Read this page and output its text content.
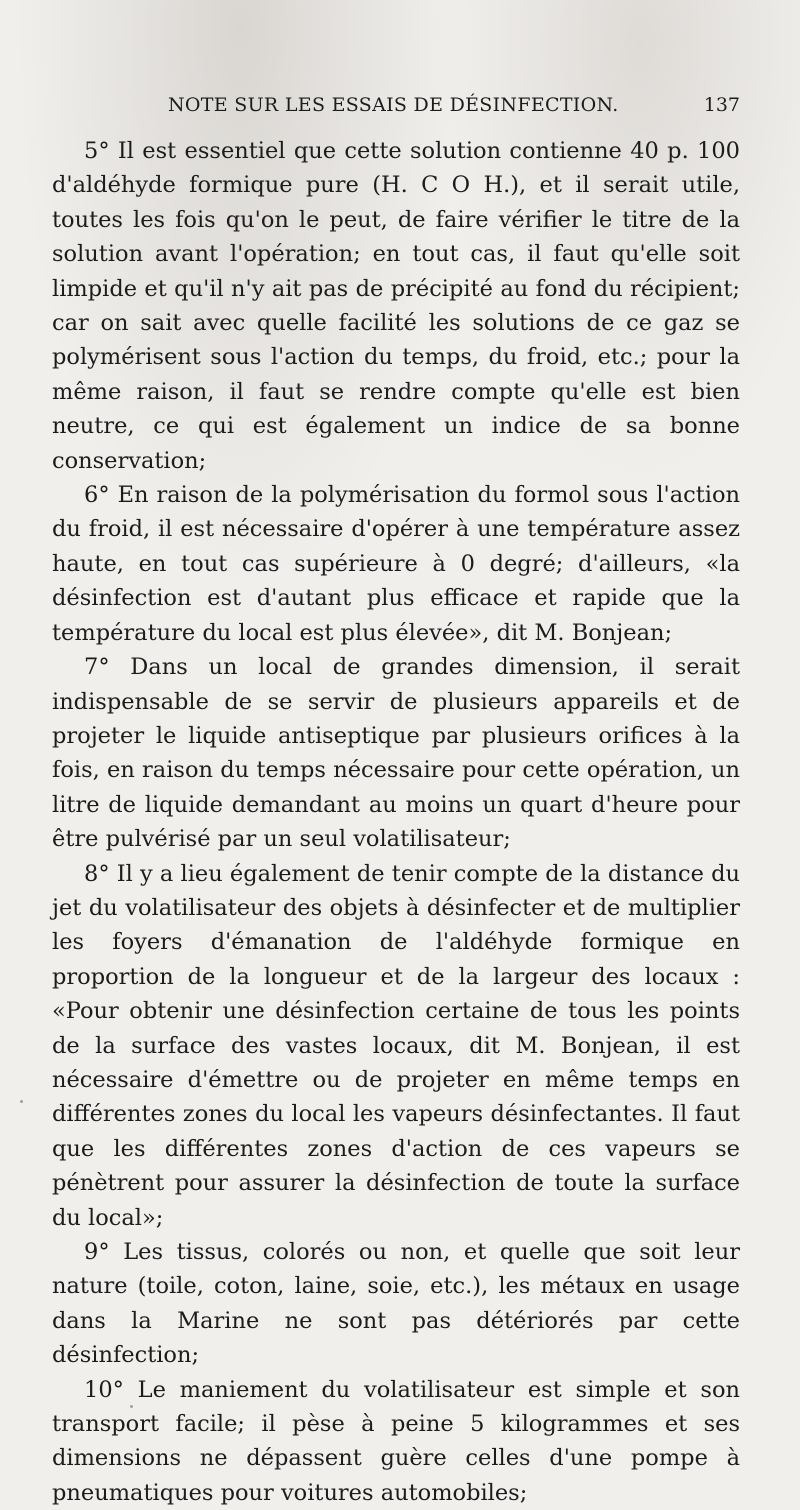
NOTE SUR LES ESSAIS DE DÉSINFECTION.	137

5° Il est essentiel que cette solution contienne 40 p. 100 d'aldéhyde formique pure (H. C O H.), et il serait utile, toutes les fois qu'on le peut, de faire vérifier le titre de la solution avant l'opération; en tout cas, il faut qu'elle soit limpide et qu'il n'y ait pas de précipité au fond du récipient; car on sait avec quelle facilité les solutions de ce gaz se polymérisent sous l'action du temps, du froid, etc.; pour la même raison, il faut se rendre compte qu'elle est bien neutre, ce qui est également un indice de sa bonne conservation;

6° En raison de la polymérisation du formol sous l'action du froid, il est nécessaire d'opérer à une température assez haute, en tout cas supérieure à 0 degré; d'ailleurs, «la désinfection est d'autant plus efficace et rapide que la température du local est plus élevée», dit M. Bonjean;

7° Dans un local de grandes dimension, il serait indispensable de se servir de plusieurs appareils et de projeter le liquide antiseptique par plusieurs orifices à la fois, en raison du temps nécessaire pour cette opération, un litre de liquide demandant au moins un quart d'heure pour être pulvérisé par un seul volatilisateur;

8° Il y a lieu également de tenir compte de la distance du jet du volatilisateur des objets à désinfecter et de multiplier les foyers d'émanation de l'aldéhyde formique en proportion de la longueur et de la largeur des locaux : «Pour obtenir une désinfection certaine de tous les points de la surface des vastes locaux, dit M. Bonjean, il est nécessaire d'émettre ou de projeter en même temps en différentes zones du local les vapeurs désinfectantes. Il faut que les différentes zones d'action de ces vapeurs se pénètrent pour assurer la désinfection de toute la surface du local»;

9° Les tissus, colorés ou non, et quelle que soit leur nature (toile, coton, laine, soie, etc.), les métaux en usage dans la Marine ne sont pas détériorés par cette désinfection;

10° Le maniement du volatilisateur est simple et son transport facile; il pèse à peine 5 kilogrammes et ses dimensions ne dépassent guère celles d'une pompe à pneumatiques pour voitures automobiles;
